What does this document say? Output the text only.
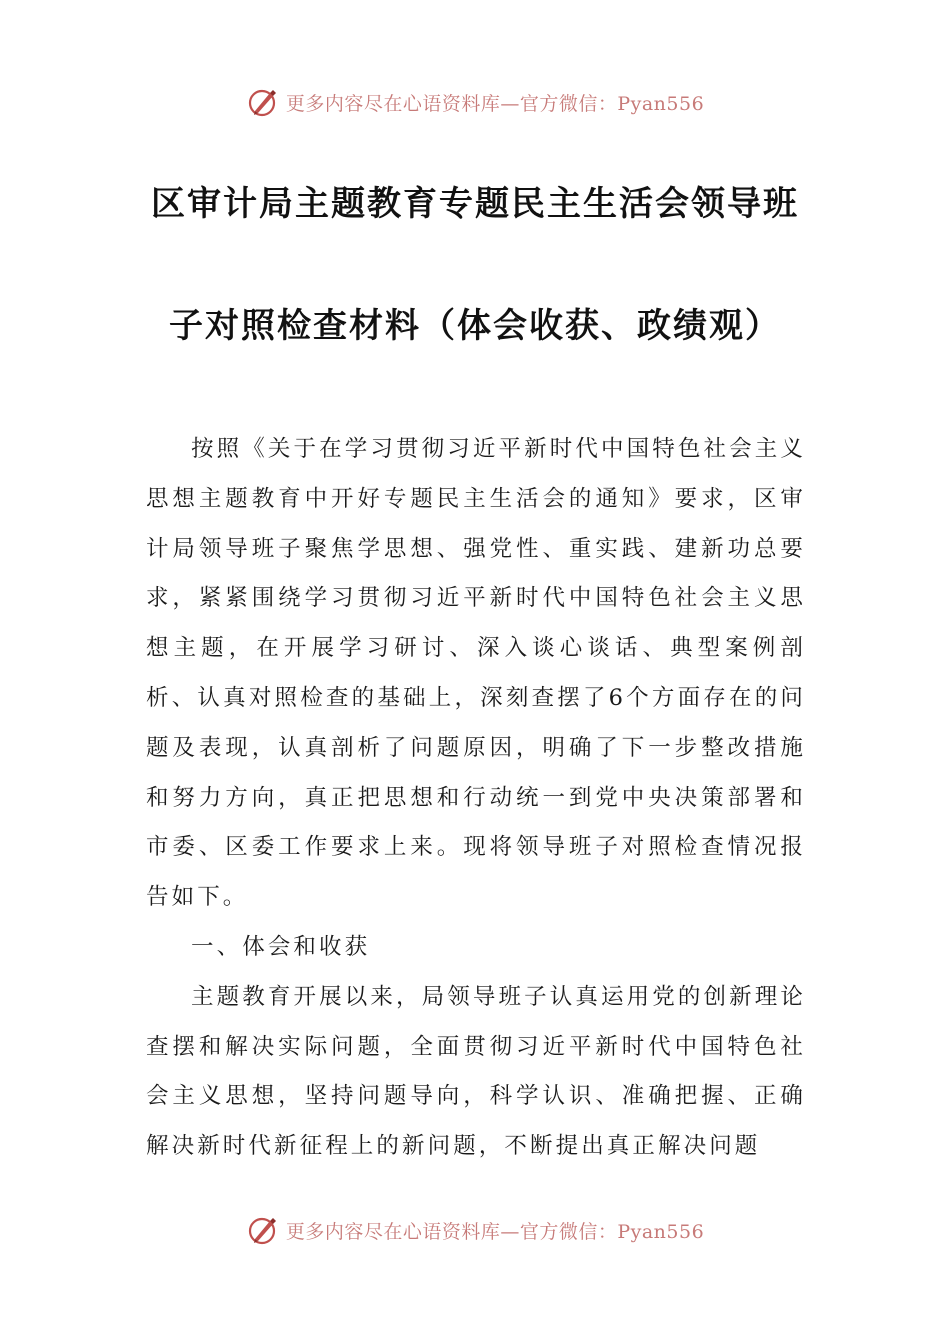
更多内容尽在心语资料库—官方微信：Pyan556
区审计局主题教育专题民主生活会领导班
子对照检查材料（体会收获、政绩观）

按照《关于在学习贯彻习近平新时代中国特色社会主义思想主题教育中开好专题民主生活会的通知》要求，区审计局领导班子聚焦学思想、强党性、重实践、建新功总要求，紧紧围绕学习贯彻习近平新时代中国特色社会主义思想主题，在开展学习研讨、深入谈心谈话、典型案例剖析、认真对照检查的基础上，深刻查摆了6个方面存在的问题及表现，认真剖析了问题原因，明确了下一步整改措施和努力方向，真正把思想和行动统一到党中央决策部署和市委、区委工作要求上来。现将领导班子对照检查情况报告如下。

一、体会和收获

主题教育开展以来，局领导班子认真运用党的创新理论查摆和解决实际问题，全面贯彻习近平新时代中国特色社会主义思想，坚持问题导向，科学认识、准确把握、正确解决新时代新征程上的新问题，不断提出真正解决问题

更多内容尽在心语资料库—官方微信：Pyan556
